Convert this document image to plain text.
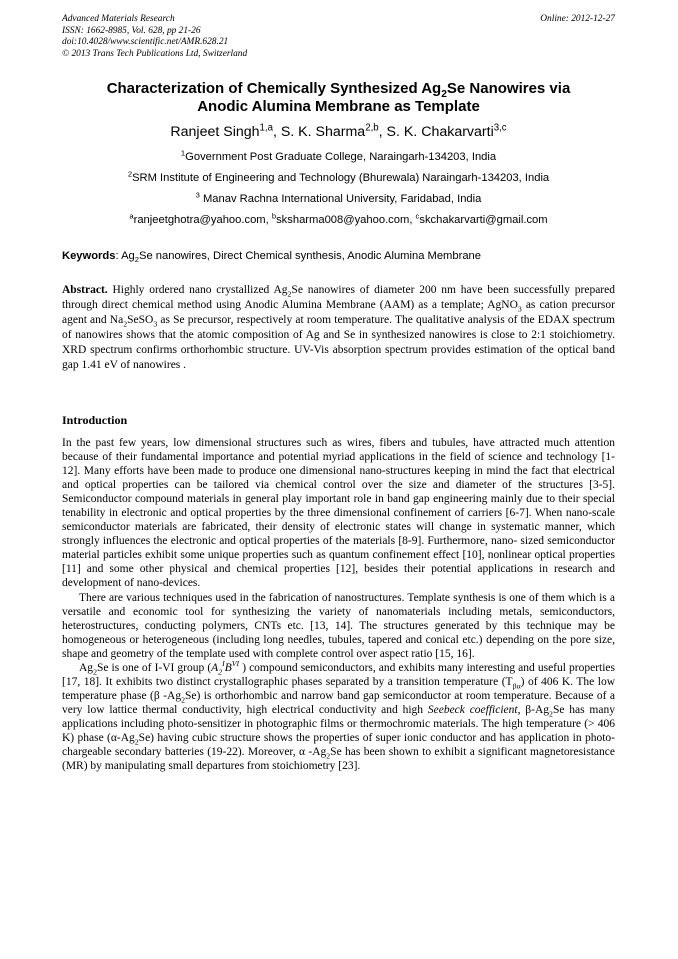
Advanced Materials Research
ISSN: 1662-8985, Vol. 628, pp 21-26
doi:10.4028/www.scientific.net/AMR.628.21
© 2013 Trans Tech Publications Ltd, Switzerland
Online: 2012-12-27
Characterization of Chemically Synthesized $Ag_2Se$ Nanowires via
Anodic Alumina Membrane as Template
Ranjeet Singh$^{1,a}$, S. K. Sharma$^{2,b}$, S. K. Chakarvarti$^{3,c}$
$^1$Government Post Graduate College, Naraingarh-134203, India
$^2$SRM Institute of Engineering and Technology (Bhurewala) Naraingarh-134203, India
$^3$ Manav Rachna International University, Faridabad, India
$^a$ranjeetghotra@yahoo.com, $^b$sksharma008@yahoo.com, $^c$skchakarvarti@gmail.com
Keywords: $Ag_2Se$ nanowires, Direct Chemical synthesis, Anodic Alumina Membrane
Abstract. Highly ordered nano crystallized $Ag_2Se$ nanowires of diameter 200 nm have been successfully prepared through direct chemical method using Anodic Alumina Membrane (AAM) as a template; AgNO$_3$ as cation precursor agent and $Na_2SeSO_3$ as Se precursor, respectively at room temperature. The qualitative analysis of the EDAX spectrum of nanowires shows that the atomic composition of Ag and Se in synthesized nanowires is close to 2:1 stoichiometry. XRD spectrum confirms orthorhombic structure. UV-Vis absorption spectrum provides estimation of the optical band gap 1.41 eV of nanowires .
Introduction

In the past few years, low dimensional structures such as wires, fibers and tubules, have attracted much attention because of their fundamental importance and potential myriad applications in the field of science and technology [1-12]. Many efforts have been made to produce one dimensional nano-structures keeping in mind the fact that electrical and optical properties can be tailored via chemical control over the size and diameter of the structures [3-5]. Semiconductor compound materials in general play important role in band gap engineering mainly due to their special tenability in electronic and optical properties by the three dimensional confinement of carriers [6-7]. When nano-scale semiconductor materials are fabricated, their density of electronic states will change in systematic manner, which strongly influences the electronic and optical properties of the materials [8-9]. Furthermore, nano- sized semiconductor material particles exhibit some unique properties such as quantum confinement effect [10], nonlinear optical properties [11] and some other physical and chemical properties [12], besides their potential applications in research and development of nano-devices.

There are various techniques used in the fabrication of nanostructures. Template synthesis is one of them which is a versatile and economic tool for synthesizing the variety of nanomaterials including metals, semiconductors, heterostructures, conducting polymers, CNTs etc. [13, 14]. The structures generated by this technique may be homogeneous or heterogeneous (including long needles, tubules, tapered and conical etc.) depending on the pore size, shape and geometry of the template used with complete control over aspect ratio [15, 16].

$Ag_2Se$ is one of I-VI group ($A_2^IB^{VI}$ ) compound semiconductors, and exhibits many interesting and useful properties [17, 18]. It exhibits two distinct crystallographic phases separated by a transition temperature $(T_{\beta\alpha})$ of 406 K. The low temperature phase (β $-Ag_2Se$) is orthorhombic and narrow band gap semiconductor at room temperature. Because of a very low lattice thermal conductivity, high electrical conductivity and high Seebeck coefficient, $\beta-Ag_2Se$ has many applications including photo-sensitizer in photographic films or thermochromic materials. The high temperature (> 406 K) phase $(\alpha-Ag_2Se)$ having cubic structure shows the properties of super ionic conductor and has application in photo-chargeable secondary batteries (19-22). Moreover, α $-Ag_2Se$ has been shown to exhibit a significant magnetoresistance (MR) by manipulating small departures from stoichiometry [23].
